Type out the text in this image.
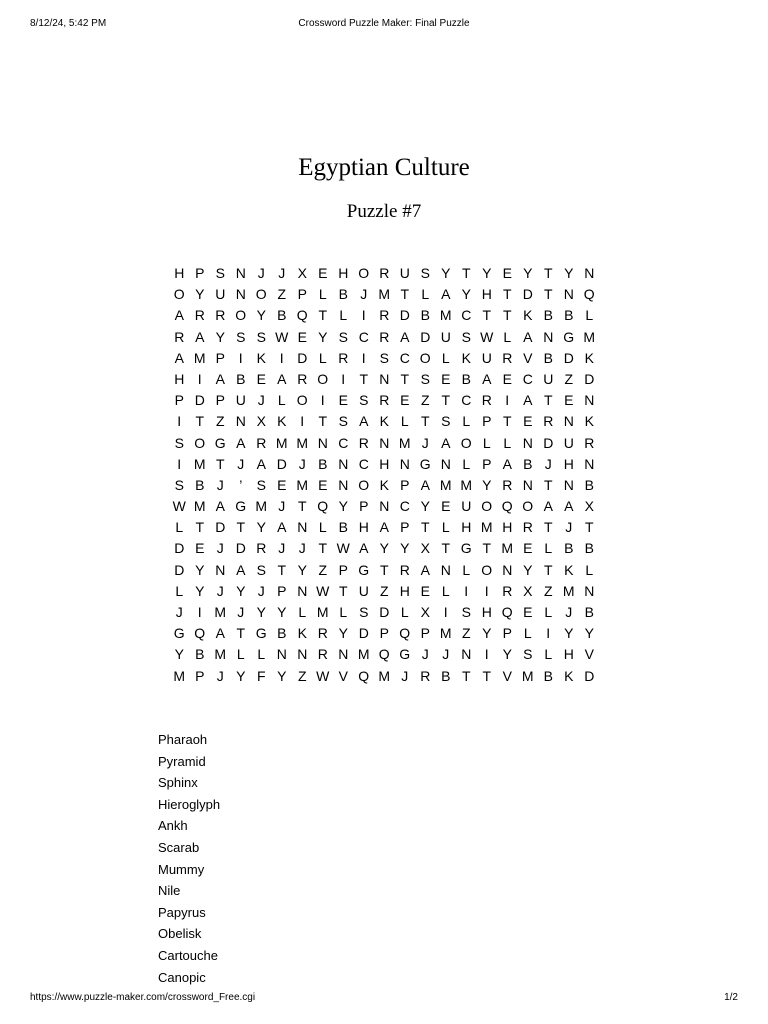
8/12/24, 5:42 PM	Crossword Puzzle Maker: Final Puzzle
Egyptian Culture
Puzzle #7
H P S N J J X E H O R U S Y T Y E Y T Y N
O Y U N O Z P L B J M T L A Y H T D T N Q
A R R O Y B Q T L I R D B M C T T K B B L
R A Y S S W E Y S C R A D U S W L A N G M
A M P I K I D L R I S C O L K U R V B D K
H I A B E A R O I T N T S E B A E C U Z D
P D P U J L O I E S R E Z T C R I A T E N
I T Z N X K I T S A K L T S L P T E R N K
S O G A R M M N C R N M J A O L L N D U R
I M T J A D J B N C H N G N L P A B J H N
S B J ’ S E M E N O K P A M M Y R N T N B
W M A G M J T Q Y P N C Y E U O Q O A A X
L T D T Y A N L B H A P T L H M H R T J T
D E J D R J J T W A Y Y X T G T M E L B B
D Y N A S T Y Z P G T R A N L O N Y T K L
L Y J Y J P N W T U Z H E L I I R X Z M N
J I M J Y Y L M L S D L X I S H Q E L J B
G Q A T G B K R Y D P Q P M Z Y P L I Y Y
Y B M L L N N R N M Q G J J N I Y S L H V
M P J Y F Y Z W V Q M J R B T T V M B K D
Pharaoh
Pyramid
Sphinx
Hieroglyph
Ankh
Scarab
Mummy
Nile
Papyrus
Obelisk
Cartouche
Canopic
https://www.puzzle-maker.com/crossword_Free.cgi	1/2
